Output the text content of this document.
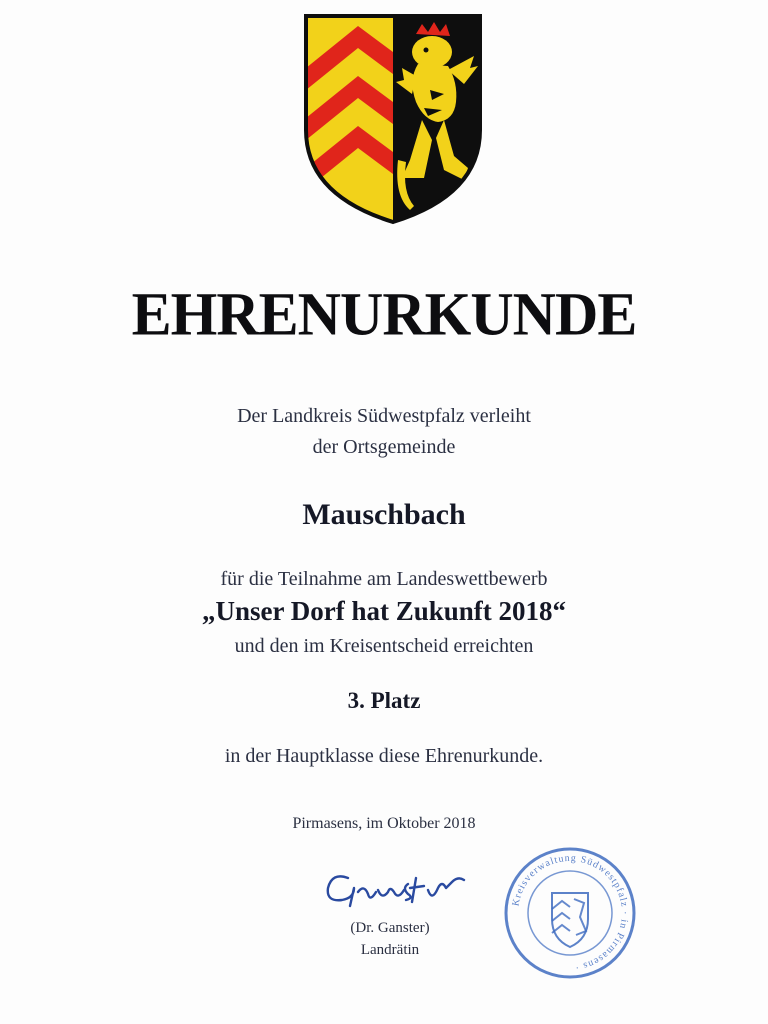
EHRENURKUNDE
Der Landkreis Südwestpfalz verleiht
der Ortsgemeinde
Mauschbach
für die Teilnahme am Landeswettbewerb
„Unser Dorf hat Zukunft 2018“
und den im Kreisentscheid erreichten
3. Platz
in der Hauptklasse diese Ehrenurkunde.
Pirmasens, im Oktober 2018
(Dr. Ganster)
Landrätin
Kreisverwaltung Südwestpfalz · in Pirmasens ·
